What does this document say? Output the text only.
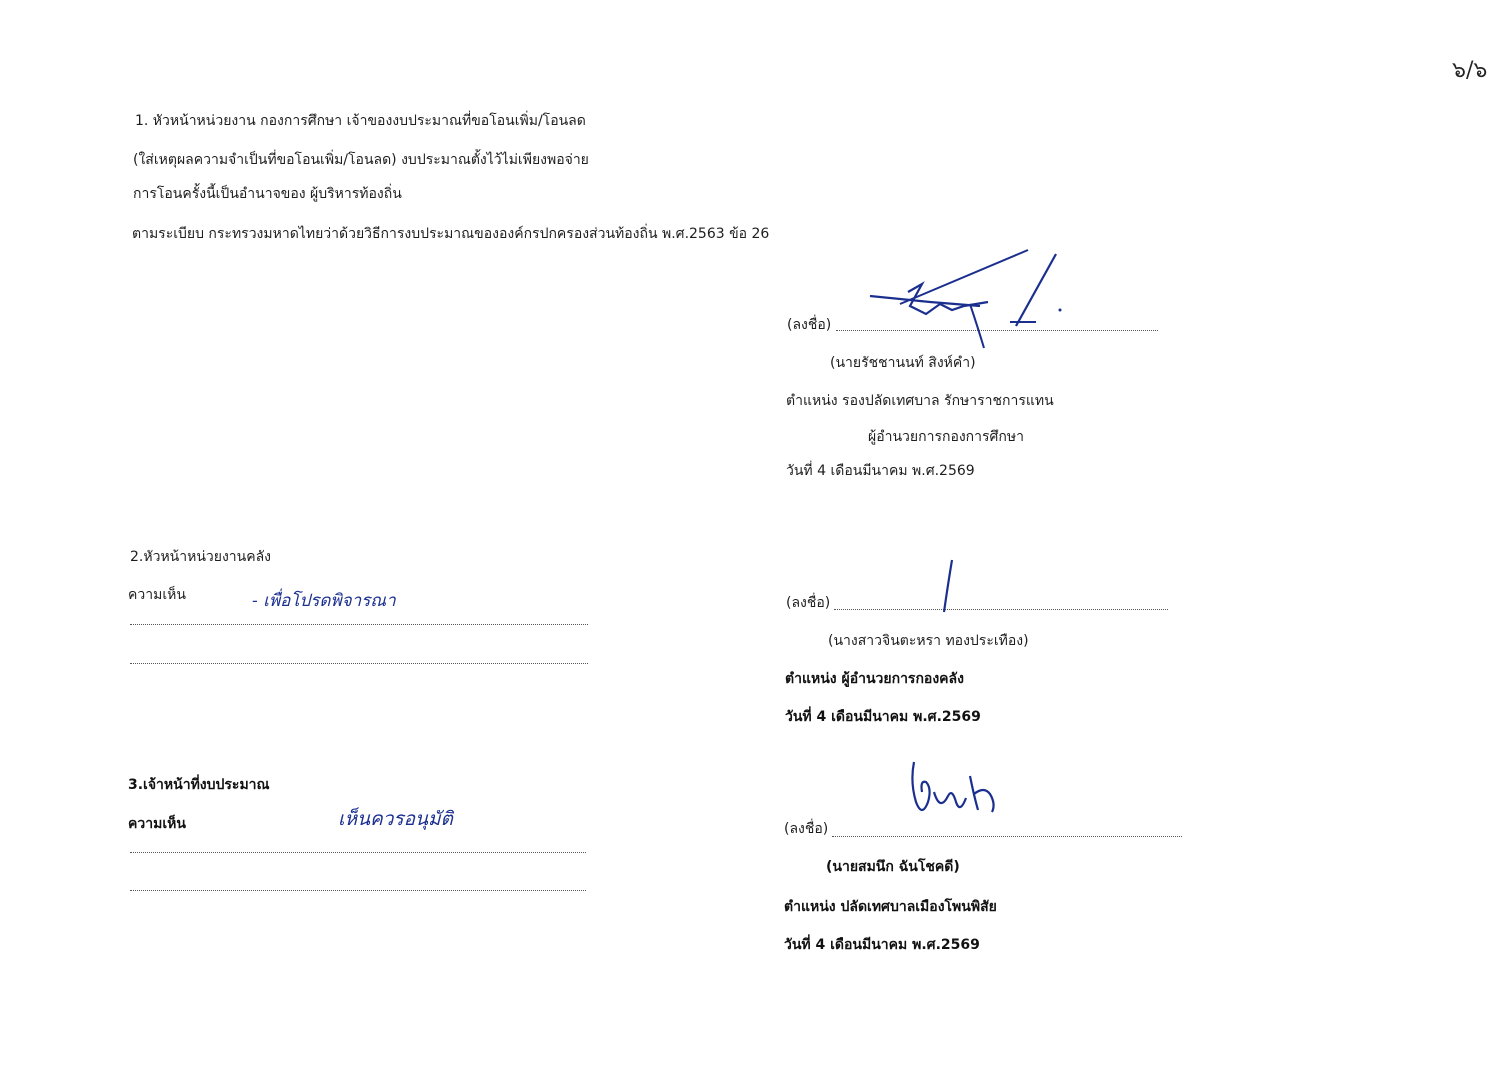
๖/๖
1. หัวหน้าหน่วยงาน กองการศึกษา เจ้าของงบประมาณที่ขอโอนเพิ่ม/โอนลด
(ใส่เหตุผลความจำเป็นที่ขอโอนเพิ่ม/โอนลด) งบประมาณตั้งไว้ไม่เพียงพอจ่าย
การโอนครั้งนี้เป็นอำนาจของ ผู้บริหารท้องถิ่น
ตามระเบียบ กระทรวงมหาดไทยว่าด้วยวิธีการงบประมาณขององค์กรปกครองส่วนท้องถิ่น พ.ศ.2563 ข้อ 26
(ลงชื่อ)
(นายรัชชานนท์ สิงห์คำ)
ตำแหน่ง รองปลัดเทศบาล รักษาราชการแทน
ผู้อำนวยการกองการศึกษา
วันที่ 4 เดือนมีนาคม พ.ศ.2569
2.หัวหน้าหน่วยงานคลัง
ความเห็น	- เพื่อโปรดพิจารณา	(ลงชื่อ)
(นางสาวจินตะหรา ทองประเทือง)
ตำแหน่ง ผู้อำนวยการกองคลัง
วันที่ 4 เดือนมีนาคม พ.ศ.2569
3.เจ้าหน้าที่งบประมาณ
ความเห็น	เห็นควรอนุมัติ	(ลงชื่อ)
(นายสมนึก ฉันโชคดี)
ตำแหน่ง ปลัดเทศบาลเมืองโพนพิสัย
วันที่ 4 เดือนมีนาคม พ.ศ.2569
